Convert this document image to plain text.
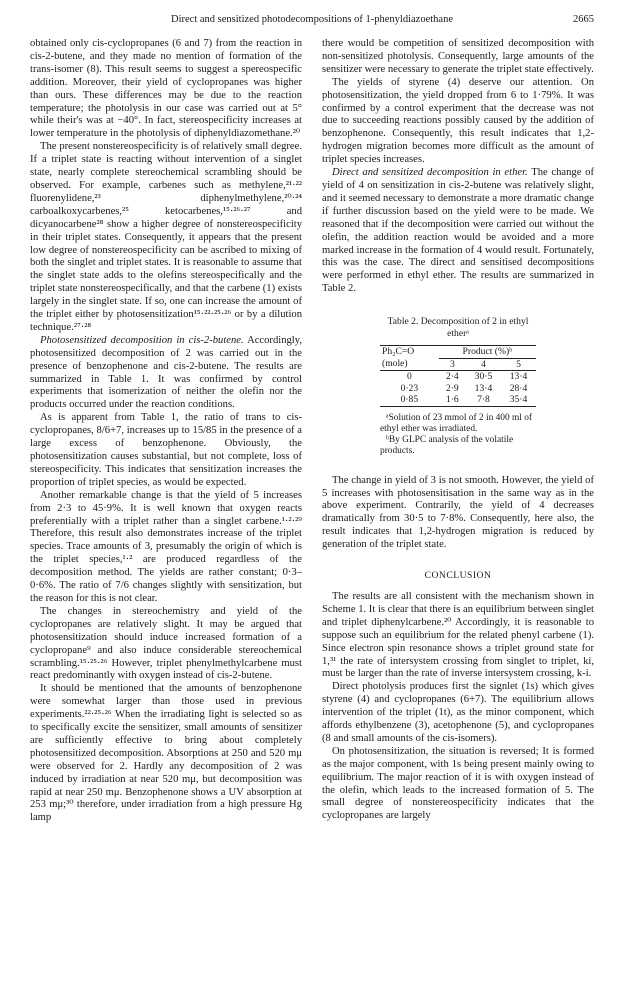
Direct and sensitized photodecompositions of 1-phenyldiazoethane	2665

obtained only cis-cyclopropanes (6 and 7) from the reaction in cis-2-butene, and they made no mention of formation of the trans-isomer (8). This result seems to suggest a spereospecific addition. Moreover, their yield of cyclopropanes was higher than ours. These differences may be due to the reaction temperature; the photolysis in our case was carried out at 5° while their's was at −40°. In fact, stereospecificity increases at lower temperature in the photolysis of diphenyldiazomethane.²⁰

The present nonstereospecificity is of relatively small degree. If a triplet state is reacting without intervention of a singlet state, nearly complete stereochemical scrambling should be observed. For example, carbenes such as methylene,²¹·²² fluorenylidene,²³ diphenylmethylene,²⁰·²⁴ carboalkoxycarbenes,²⁵ ketocarbenes,¹⁵·²⁶·²⁷ and dicyanocarbene²⁸ show a higher degree of nonstereospecificity in their triplet states. Consequently, it appears that the present low degree of nonstereospecificity can be ascribed to mixing of both the singlet and triplet states. It is reasonable to assume that the singlet state adds to the olefins stereospecifically and the triplet state nonstereospecifically, and that the carbene (1) exists largely in the singlet state. If so, one can increase the amount of the triplet either by photosensitization¹⁵·²²·²⁵·²⁶ or by a dilution technique.²⁷·²⁸

Photosensitized decomposition in cis-2-butene. Accordingly, photosensitized decomposition of 2 was carried out in the presence of benzophenone and cis-2-butene. The results are summarized in Table 1. It was confirmed by control experiments that isomerization of neither the olefin nor the products occurred under the reaction conditions.

As is apparent from Table 1, the ratio of trans to cis-cyclopropanes, 8/6+7, increases up to 15/85 in the presence of a large excess of benzophenone. Obviously, the photosensitization causes substantial, but not complete, loss of stereospecificity. This indicates that sensitization increases the proportion of triplet species, as would be expected.

Another remarkable change is that the yield of 5 increases from 2·3 to 45·9%. It is well known that oxygen reacts preferentially with a triplet rather than a singlet carbene.¹·²·²⁹ Therefore, this result also demonstrates increase of the triplet species. Trace amounts of 3, presumably the origin of which is the triplet species,¹·² are produced regardless of the decomposition method. The yields are rather constant; 0·3–0·6%. The ratio of 7/6 changes slightly with sensitization, but the reason for this is not clear.

The changes in stereochemistry and yield of the cyclopropanes are relatively slight. It may be argued that photosensitization should induce increased formation of a cyclopropane⁹ and also induce considerable stereochemical scrambling.¹⁵·²⁵·²⁶ However, triplet phenylmethylcarbene must react predominantly with oxygen instead of cis-2-butene.

It should be mentioned that the amounts of benzophenone were somewhat larger than those used in previous experiments.²²·²⁵·²⁶ When the irradiating light is selected so as to specifically excite the sensitizer, small amounts of sensitizer are sufficiently effective to bring about completely photosensitized decomposition. Absorptions at 250 and 520 mμ were observed for 2. Hardly any decomposition of 2 was induced by irradiation at near 520 mμ, but decomposition was rapid at near 250 mμ. Benzophenone shows a UV absorption at 253 mμ;³⁰ therefore, under irradiation from a high pressure Hg lamp

there would be competition of sensitized decomposition with non-sensitized photolysis. Consequently, large amounts of the sensitizer were necessary to generate the triplet state effectively.

The yields of styrene (4) deserve our attention. On photosensitization, the yield dropped from 6 to 1·79%. It was confirmed by a control experiment that the decrease was not due to succeeding reactions possibly caused by the addition of benzophenone. Consequently, this result indicates that 1,2-hydrogen migration becomes more difficult as the amount of triplet species increases.

Direct and sensitized decomposition in ether. The change of yield of 4 on sensitization in cis-2-butene was relatively slight, and it seemed necessary to demonstrate a more dramatic change if further discussion based on the yield were to be made. We reasoned that if the decomposition were carried out without the olefin, the addition reaction would be avoided and a more marked increase in the formation of 4 would result. Fortunately, this was the case. The direct and sensitised decompositions were performed in ethyl ether. The results are summarized in Table 2.

Table 2. Decomposition of 2 in ethyl
etherᵃ
Ph₂C=O	Product (%)ᵇ		
(mole)	3	4	5
0	2·4	30·5	13·4
0·23	2·9	13·4	28·4
0·85	1·6	7·8	35·4

ᵃSolution of 23 mmol of 2 in 400 ml of ethyl ether was irradiated.

ᵇBy GLPC analysis of the volatile products.

The change in yield of 3 is not smooth. However, the yield of 5 increases with photosensitisation in the same way as in the above experiment. Contrarily, the yield of 4 decreases dramatically from 30·5 to 7·8%. Consequently, here also, the result indicates that 1,2-hydrogen migration is reduced by generation of the triplet state.

CONCLUSION

The results are all consistent with the mechanism shown in Scheme 1. It is clear that there is an equilibrium between singlet and triplet diphenylcarbene.²⁰ Accordingly, it is reasonable to suppose such an equilibrium for the related phenyl carbene (1). Since electron spin resonance shows a triplet ground state for 1,³¹ the rate of intersystem crossing from singlet to triplet, ki, must be larger than the rate of inverse intersystem crossing, k-i.

Direct photolysis produces first the signlet (1s) which gives styrene (4) and cyclopropanes (6+7). The equilibrium allows intervention of the triplet (1t), as the minor component, which affords ethylbenzene (3), acetophenone (5), and cyclopropanes (8 and small amounts of the cis-isomers).

On photosensitization, the situation is reversed; It is formed as the major component, with 1s being present mainly owing to equilibrium. The major reaction of it is with oxygen instead of the olefin, which leads to the increased formation of 5. The small degree of nonstereospecificity indicates that the cyclopropanes are largely
